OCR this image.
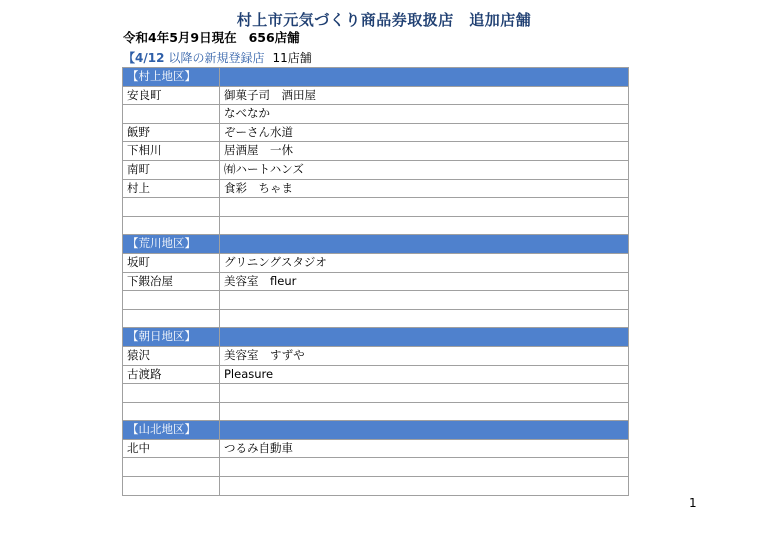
村上市元気づくり商品券取扱店　追加店舗
令和4年5月9日現在 656店舗
【4/12 以降の新規登録店 11店舗
【村上地区】	
安良町	御菓子司　酒田屋
	なべなか
飯野	ぞーさん水道
下相川	居酒屋　一休
南町	㈲ハートハンズ
村上	食彩　ちゃま

【荒川地区】	
坂町	グリニングスタジオ
下鍜冶屋	美容室　fleur

【朝日地区】	
猿沢	美容室　すずや
古渡路	Pleasure

【山北地区】	
北中	つるみ自動車

1
